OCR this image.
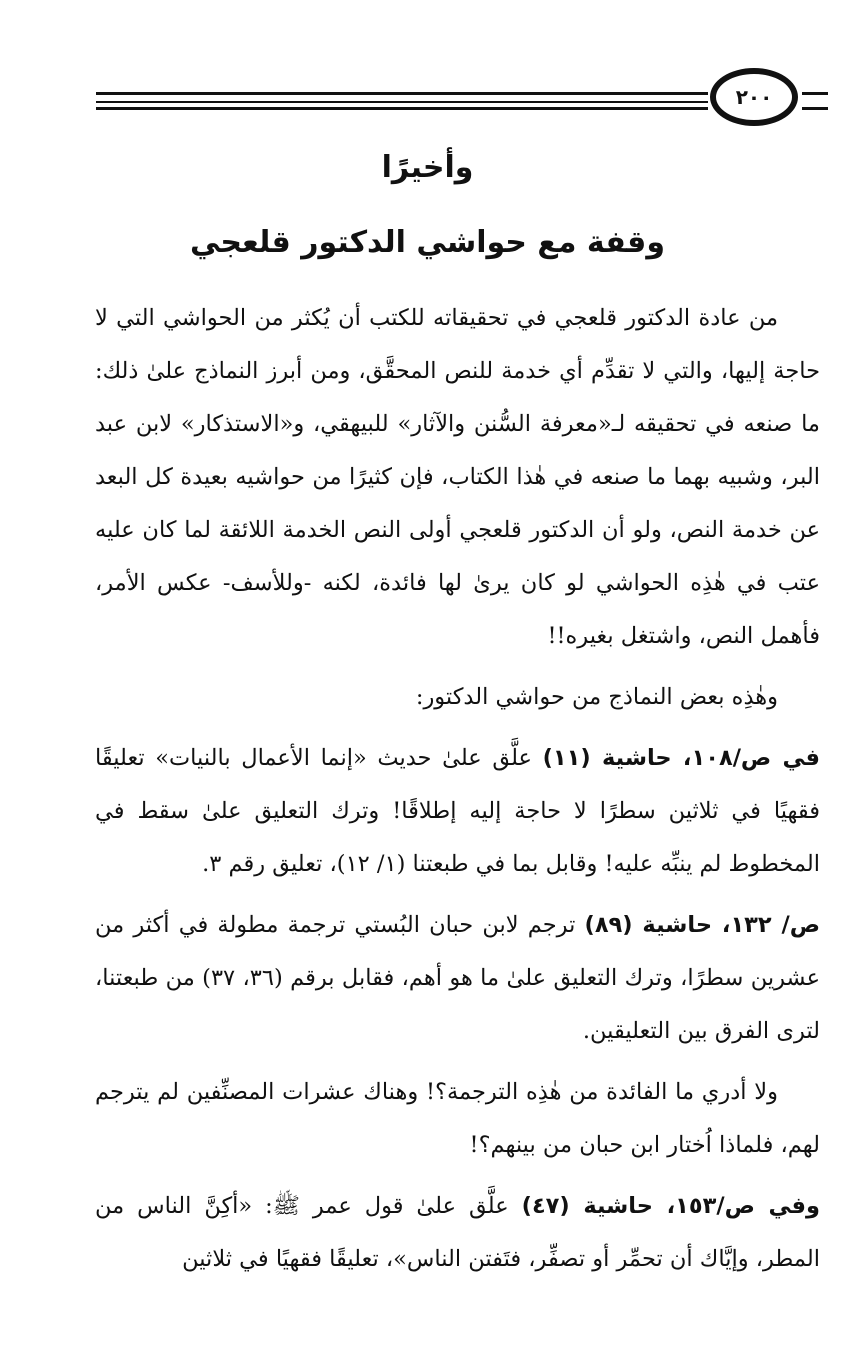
٢٠٠
وأخيرًا
وقفة مع حواشي الدكتور قلعجي

من عادة الدكتور قلعجي في تحقيقاته للكتب أن يُكثر من الحواشي التي لا حاجة إليها، والتي لا تقدِّم أي خدمة للنص المحقَّق، ومن أبرز النماذج علىٰ ذلك: ما صنعه في تحقيقه لـ«معرفة السُّنن والآثار» للبيهقي، و«الاستذكار» لابن عبد البر، وشبيه بهما ما صنعه في هٰذا الكتاب، فإن كثيرًا من حواشيه بعيدة كل البعد عن خدمة النص، ولو أن الدكتور قلعجي أولى النص الخدمة اللائقة لما كان عليه عتب في هٰذِه الحواشي لو كان يرىٰ لها فائدة، لكنه -وللأسف- عكس الأمر، فأهمل النص، واشتغل بغيره!!

وهٰذِه بعض النماذج من حواشي الدكتور:

في ص/١٠٨، حاشية (١١) علَّق علىٰ حديث «إنما الأعمال بالنيات» تعليقًا فقهيًا في ثلاثين سطرًا لا حاجة إليه إطلاقًا! وترك التعليق علىٰ سقط في المخطوط لم ينبِّه عليه! وقابل بما في طبعتنا (١/ ١٢)، تعليق رقم ٣.

ص/ ١٣٢، حاشية (٨٩) ترجم لابن حبان البُستي ترجمة مطولة في أكثر من عشرين سطرًا، وترك التعليق علىٰ ما هو أهم، فقابل برقم (٣٦، ٣٧) من طبعتنا، لترى الفرق بين التعليقين.

ولا أدري ما الفائدة من هٰذِه الترجمة؟! وهناك عشرات المصنِّفين لم يترجم لهم، فلماذا اُختار ابن حبان من بينهم؟!

وفي ص/١٥٣، حاشية (٤٧) علَّق علىٰ قول عمر ﷺ: «أكِنَّ الناس من المطر، وإيَّاك أن تحمِّر أو تصفِّر، فتَفتن الناس»، تعليقًا فقهيًا في ثلاثين
